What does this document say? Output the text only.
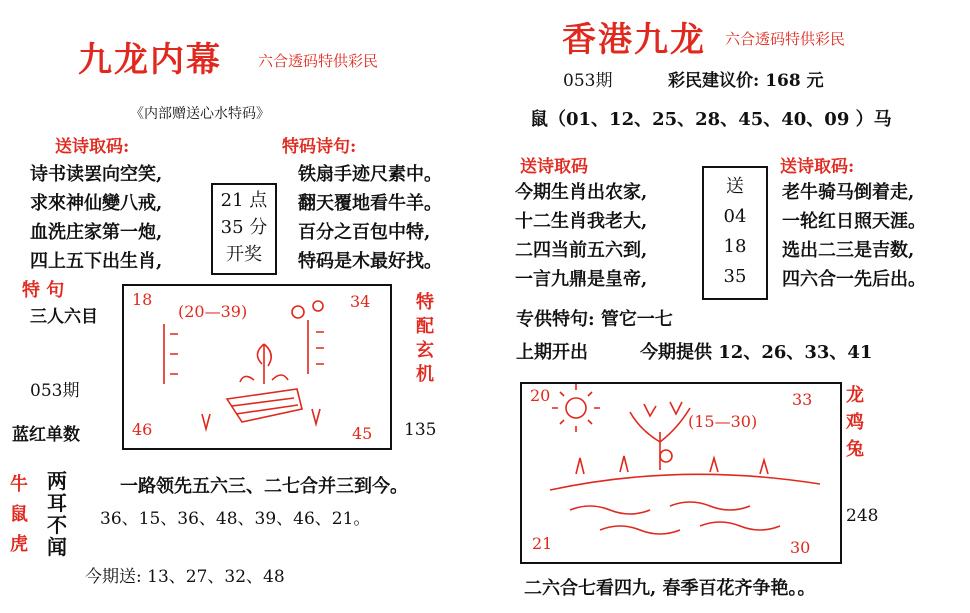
九龙内幕 六合透码特供彩民
《内部赠送心水特码》
送诗取码:
诗书读罢向空笑,
求來神仙變八戒,
血洗庄家第一炮,
四上五下出生肖,
21 点
35 分
开奖
特码诗句:
铁扇手迹尺素中。
翻天覆地看牛羊。
百分之百包中特,
特码是木最好找。
特 句
三人六目
053期
蓝红单数
18
(20—39)
34
46	45
特配玄机
135
牛
鼠
虎
两耳不闻
一路领先五六三、二七合并三到今。
36、15、36、48、39、46、21。
今期送: 13、27、32、48
香港九龙 六合透码特供彩民
053期	彩民建议价: 168 元
鼠（01、12、25、28、45、40、09 ）马
送诗取码
今期生肖出农家,
十二生肖我老大,
二四当前五六到,
一言九鼎是皇帝,
送
04
18
35
送诗取码:
老牛骑马倒着走,
一轮红日照天涯。
选出二三是吉数,
四六合一先后出。
专供特句: 管它一七
上期开出	今期提供 12、26、33、41
20
(15—30)
33
21	30
龙
鸡
兔
248
二六合七看四九, 春季百花齐争艳。。
